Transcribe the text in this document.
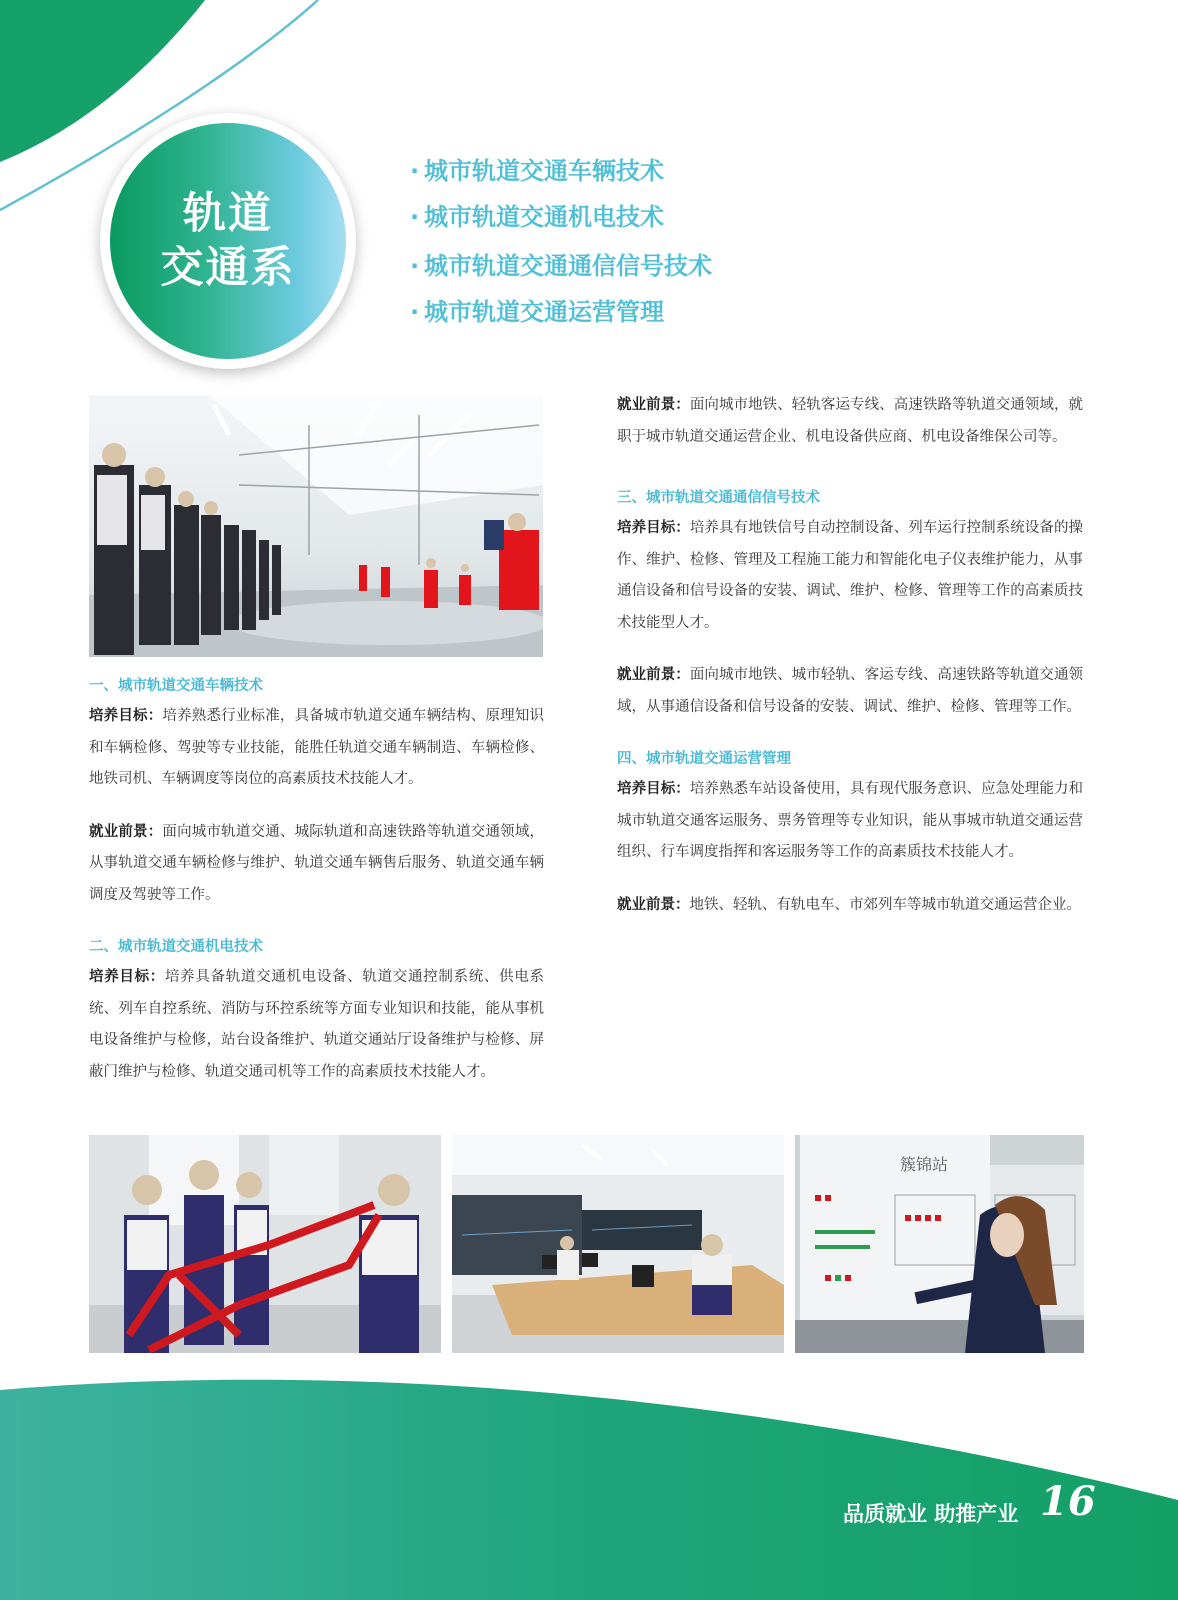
轨道
交通系
· 城市轨道交通车辆技术
· 城市轨道交通机电技术
· 城市轨道交通通信信号技术
· 城市轨道交通运营管理
一、城市轨道交通车辆技术

培养目标：培养熟悉行业标准，具备城市轨道交通车辆结构、原理知识和车辆检修、驾驶等专业技能，能胜任轨道交通车辆制造、车辆检修、地铁司机、车辆调度等岗位的高素质技术技能人才。

就业前景：面向城市轨道交通、城际轨道和高速铁路等轨道交通领域，从事轨道交通车辆检修与维护、轨道交通车辆售后服务、轨道交通车辆调度及驾驶等工作。

二、城市轨道交通机电技术

培养目标：培养具备轨道交通机电设备、轨道交通控制系统、供电系统、列车自控系统、消防与环控系统等方面专业知识和技能，能从事机电设备维护与检修，站台设备维护、轨道交通站厅设备维护与检修、屏蔽门维护与检修、轨道交通司机等工作的高素质技术技能人才。

就业前景：面向城市地铁、轻轨客运专线、高速铁路等轨道交通领域，就职于城市轨道交通运营企业、机电设备供应商、机电设备维保公司等。

三、城市轨道交通通信信号技术

培养目标：培养具有地铁信号自动控制设备、列车运行控制系统设备的操作、维护、检修、管理及工程施工能力和智能化电子仪表维护能力，从事通信设备和信号设备的安装、调试、维护、检修、管理等工作的高素质技术技能型人才。

就业前景：面向城市地铁、城市轻轨、客运专线、高速铁路等轨道交通领域，从事通信设备和信号设备的安装、调试、维护、检修、管理等工作。

四、城市轨道交通运营管理

培养目标：培养熟悉车站设备使用，具有现代服务意识、应急处理能力和城市轨道交通客运服务、票务管理等专业知识，能从事城市轨道交通运营组织、行车调度指挥和客运服务等工作的高素质技术技能人才。

就业前景：地铁、轻轨、有轨电车、市郊列车等城市轨道交通运营企业。

簇锦站
品质就业 助推产业 16
